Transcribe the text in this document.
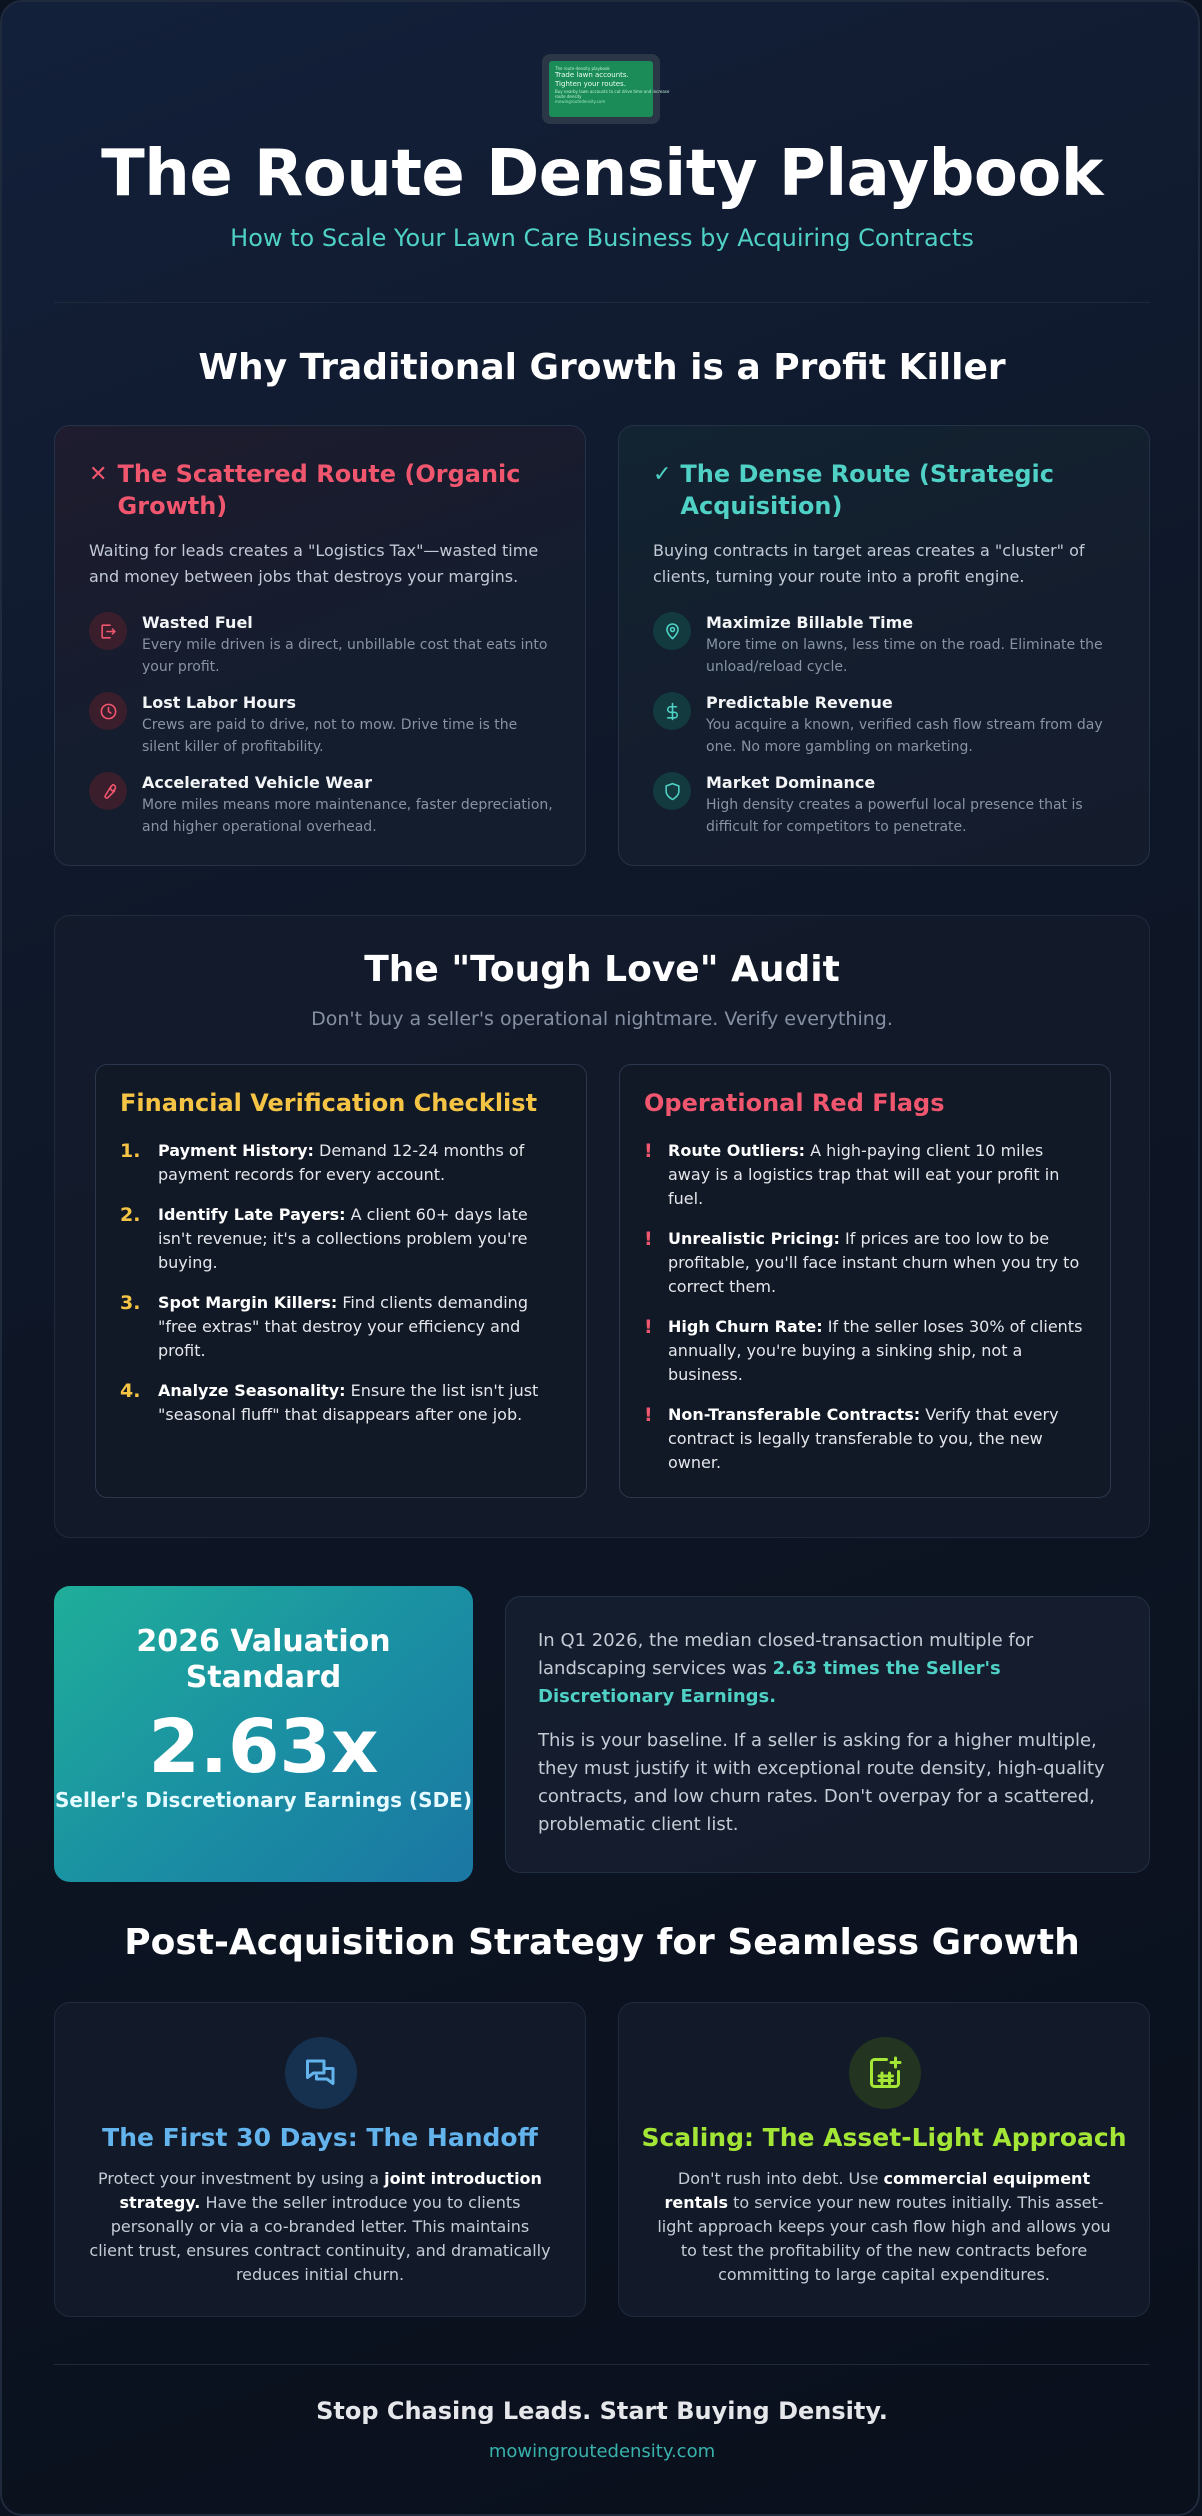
The route density playbook
Trade lawn accounts.
Tighten your routes.
Buy nearby lawn accounts to cut drive time and increase
route density
mowingroutedensity.com
The Route Density Playbook
How to Scale Your Lawn Care Business by Acquiring Contracts
Why Traditional Growth is a Profit Killer
✕ The Scattered Route (Organic Growth)
Waiting for leads creates a "Logistics Tax"—wasted time and money between jobs that destroys your margins.
Wasted Fuel
Every mile driven is a direct, unbillable cost that eats into your profit.
Lost Labor Hours
Crews are paid to drive, not to mow. Drive time is the silent killer of profitability.
Accelerated Vehicle Wear
More miles means more maintenance, faster depreciation, and higher operational overhead.
✓ The Dense Route (Strategic Acquisition)
Buying contracts in target areas creates a "cluster" of clients, turning your route into a profit engine.
Maximize Billable Time
More time on lawns, less time on the road. Eliminate the unload/reload cycle.
Predictable Revenue
You acquire a known, verified cash flow stream from day one. No more gambling on marketing.
Market Dominance
High density creates a powerful local presence that is difficult for competitors to penetrate.
The "Tough Love" Audit
Don't buy a seller's operational nightmare. Verify everything.
Financial Verification Checklist
1.	Payment History: Demand 12-24 months of payment records for every account.
2.	Identify Late Payers: A client 60+ days late isn't revenue; it's a collections problem you're buying.
3.	Spot Margin Killers: Find clients demanding "free extras" that destroy your efficiency and profit.
4.	Analyze Seasonality: Ensure the list isn't just "seasonal fluff" that disappears after one job.
Operational Red Flags
! Route Outliers: A high-paying client 10 miles away is a logistics trap that will eat your profit in fuel.
! Unrealistic Pricing: If prices are too low to be profitable, you'll face instant churn when you try to correct them.
! High Churn Rate: If the seller loses 30% of clients annually, you're buying a sinking ship, not a business.
! Non-Transferable Contracts: Verify that every contract is legally transferable to you, the new owner.
2026 Valuation Standard
2.63x
Seller's Discretionary Earnings (SDE)

In Q1 2026, the median closed-transaction multiple for landscaping services was 2.63 times the Seller's Discretionary Earnings.

This is your baseline. If a seller is asking for a higher multiple, they must justify it with exceptional route density, high-quality contracts, and low churn rates. Don't overpay for a scattered, problematic client list.

Post-Acquisition Strategy for Seamless Growth
The First 30 Days: The Handoff

Protect your investment by using a joint introduction strategy. Have the seller introduce you to clients personally or via a co-branded letter. This maintains client trust, ensures contract continuity, and dramatically reduces initial churn.

Scaling: The Asset-Light Approach

Don't rush into debt. Use commercial equipment rentals to service your new routes initially. This asset-light approach keeps your cash flow high and allows you to test the profitability of the new contracts before committing to large capital expenditures.

Stop Chasing Leads. Start Buying Density.
mowingroutedensity.com
